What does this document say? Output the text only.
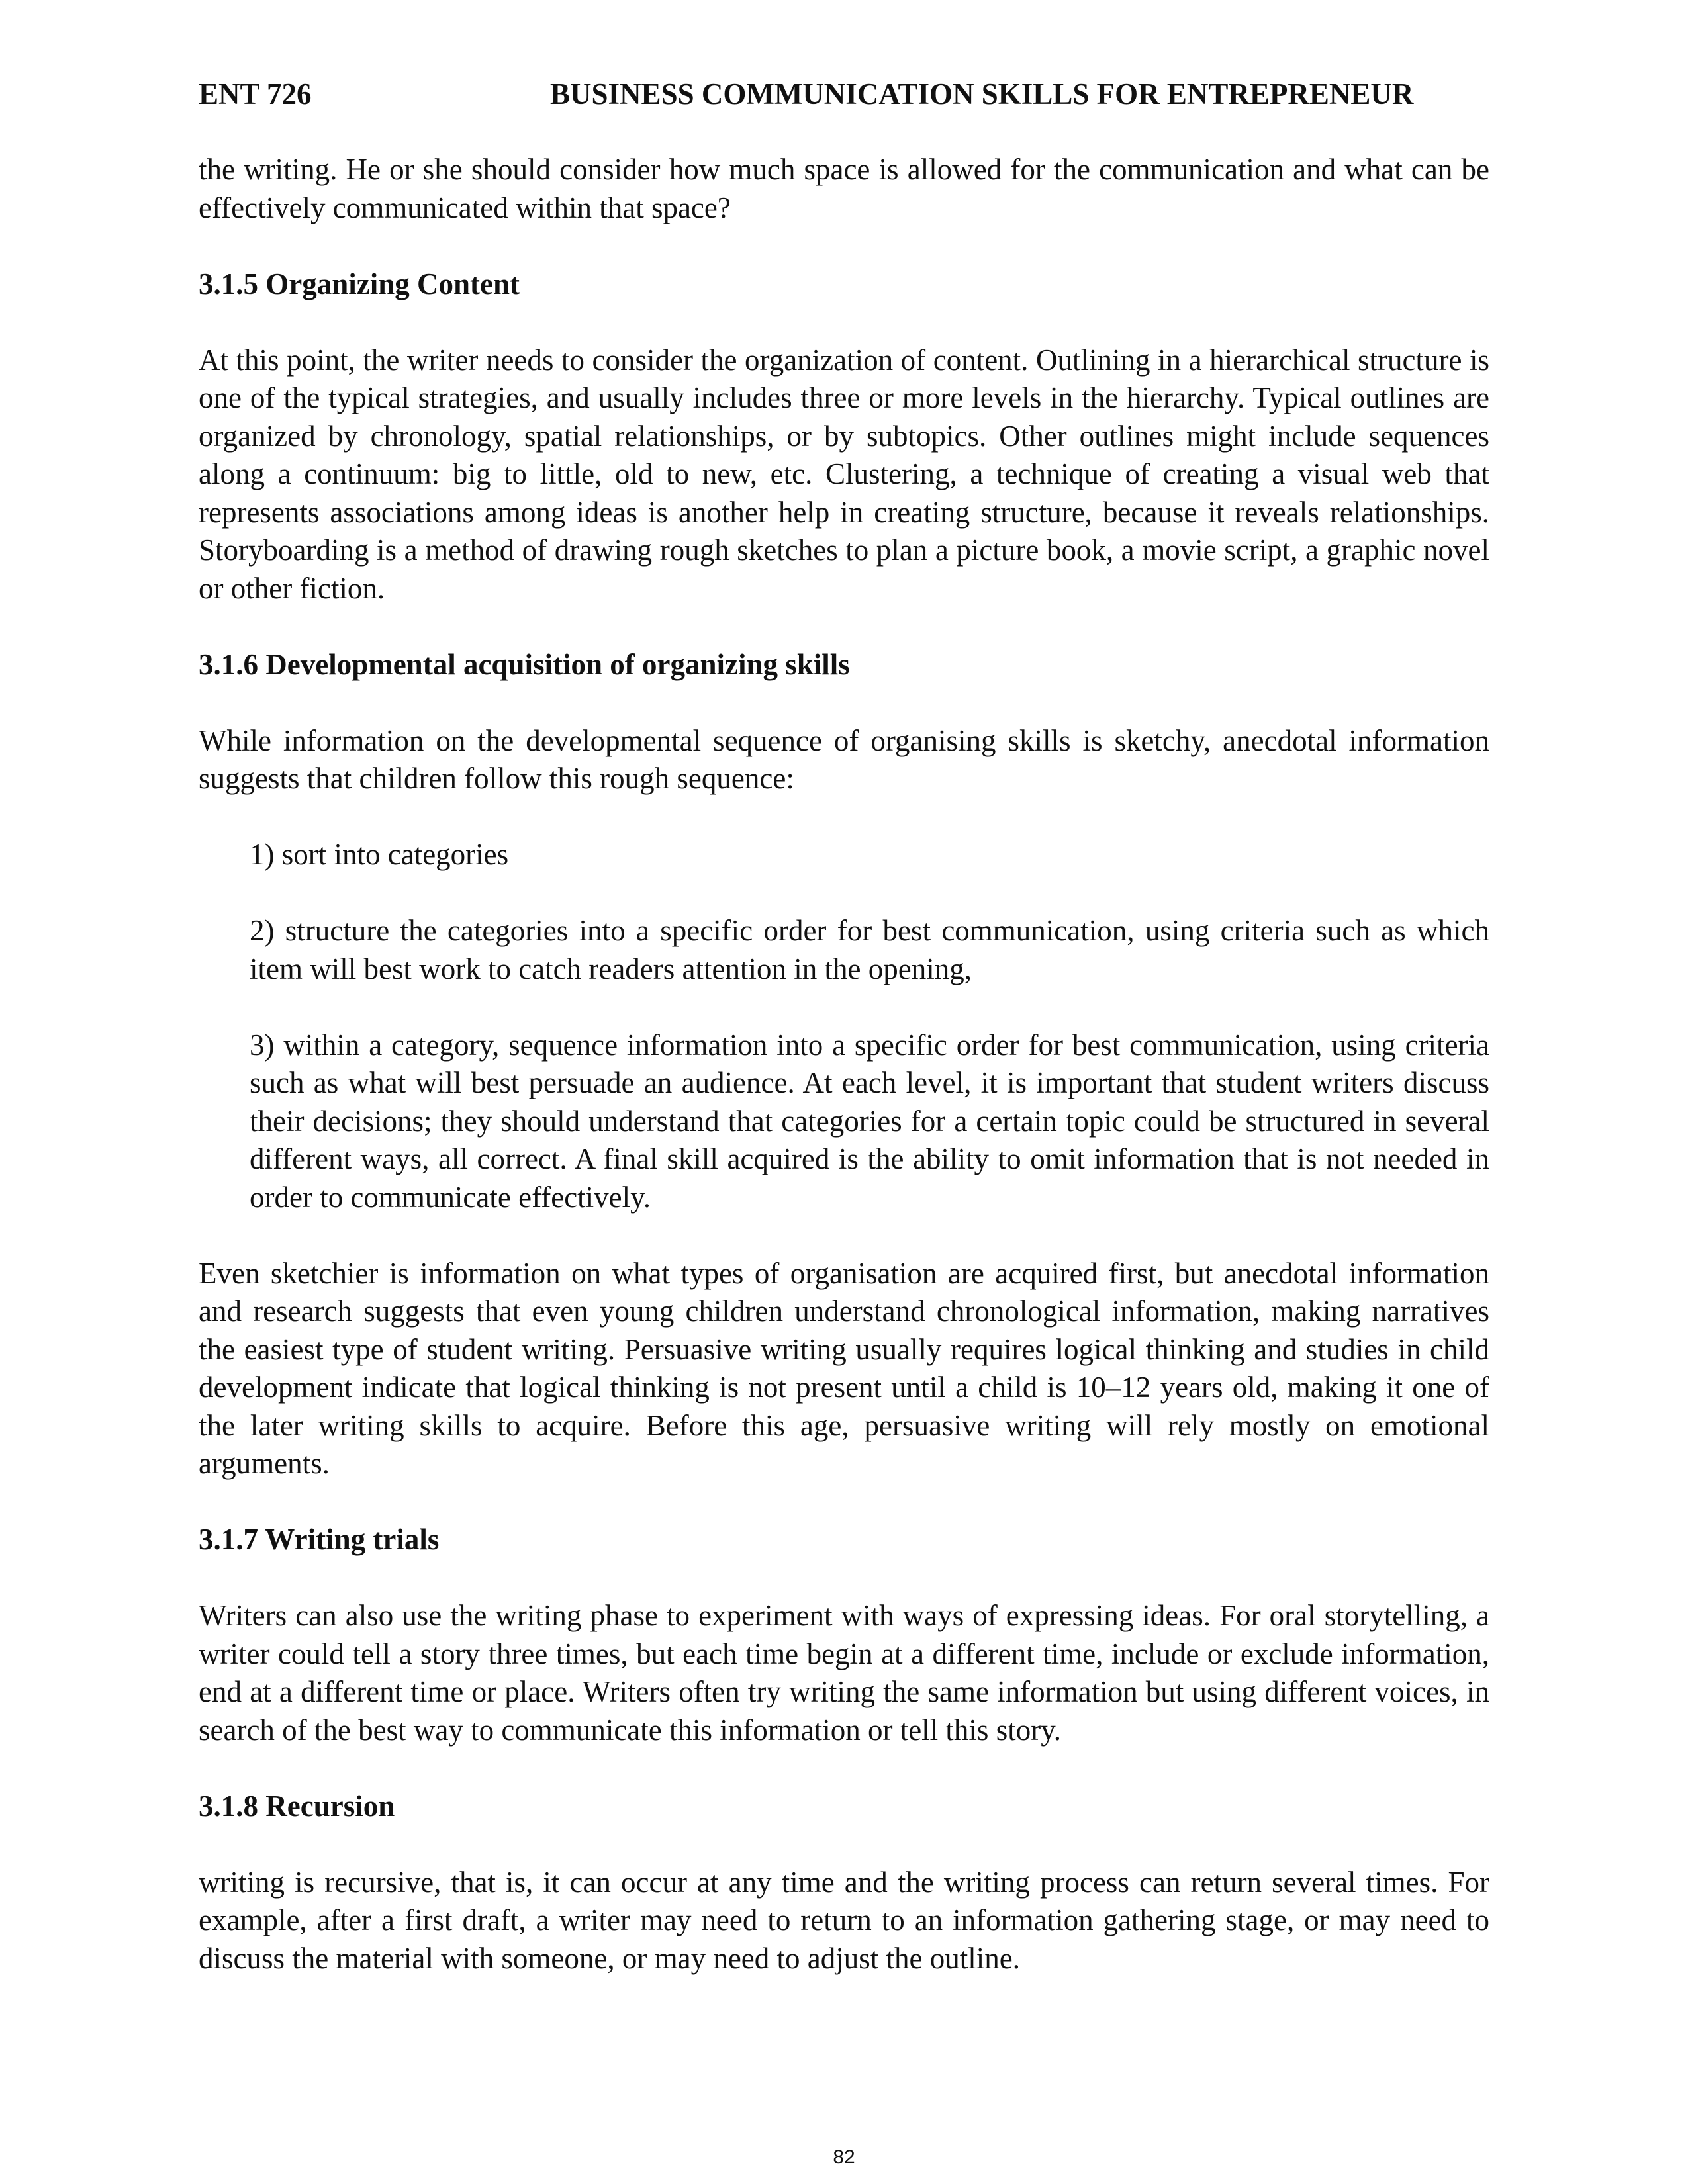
ENT 726	BUSINESS COMMUNICATION SKILLS FOR ENTREPRENEUR

the writing. He or she should consider how much space is allowed for the communication and what can be effectively communicated within that space?

3.1.5 Organizing Content

At this point, the writer needs to consider the organization of content. Outlining in a hierarchical structure is one of the typical strategies, and usually includes three or more levels in the hierarchy. Typical outlines are organized by chronology, spatial relationships, or by subtopics. Other outlines might include sequences along a continuum: big to little, old to new, etc. Clustering, a technique of creating a visual web that represents associations among ideas is another help in creating structure, because it reveals relationships. Storyboarding is a method of drawing rough sketches to plan a picture book, a movie script, a graphic novel or other fiction.

3.1.6 Developmental acquisition of organizing skills

While information on the developmental sequence of organising skills is sketchy, anecdotal information suggests that children follow this rough sequence:

1) sort into categories

2) structure the categories into a specific order for best communication, using criteria such as which item will best work to catch readers attention in the opening,

3) within a category, sequence information into a specific order for best communication, using criteria such as what will best persuade an audience. At each level, it is important that student writers discuss their decisions; they should understand that categories for a certain topic could be structured in several different ways, all correct. A final skill acquired is the ability to omit information that is not needed in order to communicate effectively.

Even sketchier is information on what types of organisation are acquired first, but anecdotal information and research suggests that even young children understand chronological information, making narratives the easiest type of student writing. Persuasive writing usually requires logical thinking and studies in child development indicate that logical thinking is not present until a child is 10–12 years old, making it one of the later writing skills to acquire. Before this age, persuasive writing will rely mostly on emotional arguments.

3.1.7 Writing trials

Writers can also use the writing phase to experiment with ways of expressing ideas. For oral storytelling, a writer could tell a story three times, but each time begin at a different time, include or exclude information, end at a different time or place. Writers often try writing the same information but using different voices, in search of the best way to communicate this information or tell this story.

3.1.8 Recursion

writing is recursive, that is, it can occur at any time and the writing process can return several times. For example, after a first draft, a writer may need to return to an information gathering stage, or may need to discuss the material with someone, or may need to adjust the outline.

82
